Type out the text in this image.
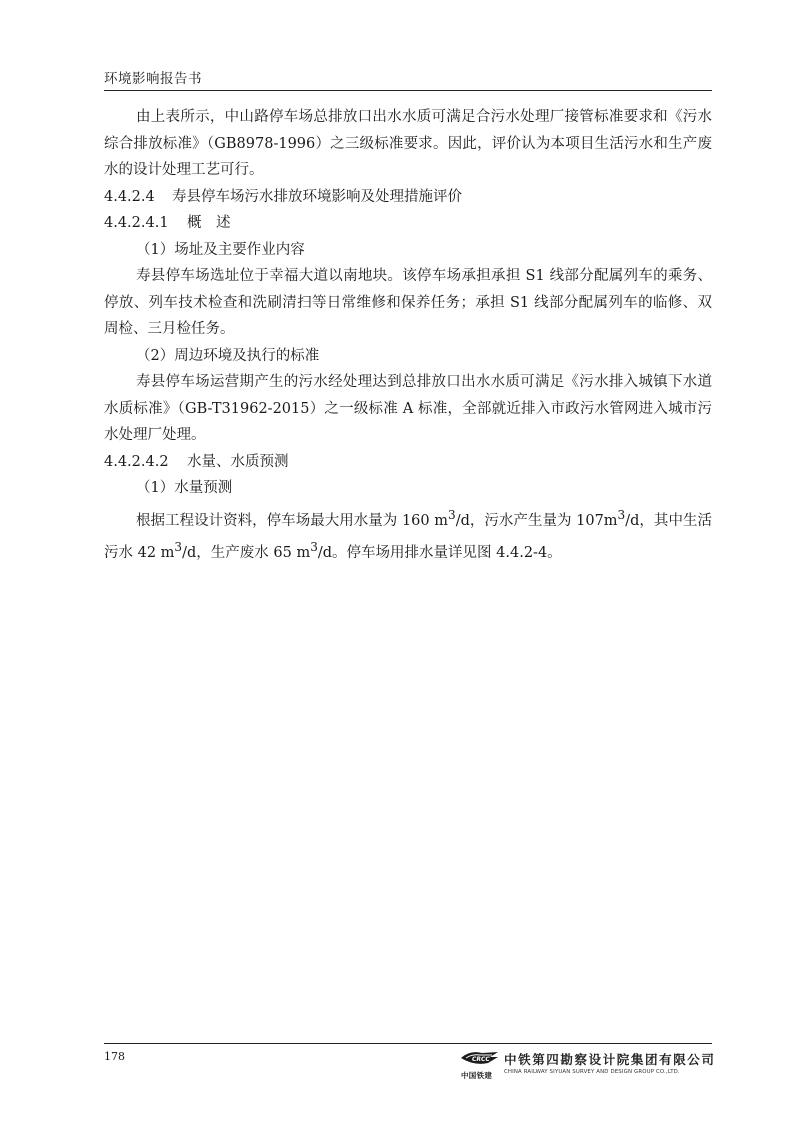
环境影响报告书

由上表所示，中山路停车场总排放口出水水质可满足合污水处理厂接管标准要求和《污水综合排放标准》（GB8978-1996）之三级标准要求。因此，评价认为本项目生活污水和生产废水的设计处理工艺可行。

4.4.2.4 寿县停车场污水排放环境影响及处理措施评价

4.4.2.4.1 概　述

（1）场址及主要作业内容

寿县停车场选址位于幸福大道以南地块。该停车场承担承担 S1 线部分配属列车的乘务、停放、列车技术检查和洗刷清扫等日常维修和保养任务；承担 S1 线部分配属列车的临修、双周检、三月检任务。

（2）周边环境及执行的标准

寿县停车场运营期产生的污水经处理达到总排放口出水水质可满足《污水排入城镇下水道水质标准》（GB-T31962-2015）之一级标准 A 标准，全部就近排入市政污水管网进入城市污水处理厂处理。

4.4.2.4.2 水量、水质预测

（1）水量预测

根据工程设计资料，停车场最大用水量为 160 $m^3/d$，污水产生量为 $107m^3/d$，其中生活污水 42 $m^3/d$，生产废水 65 $m^3/d$。停车场用排水量详见图 4.4.2-4。

178	CRCC
中国铁建
中铁第四勘察设计院集团有限公司
CHINA RAILWAY SIYUAN SURVEY AND DESIGN GROUP CO.,LTD.
